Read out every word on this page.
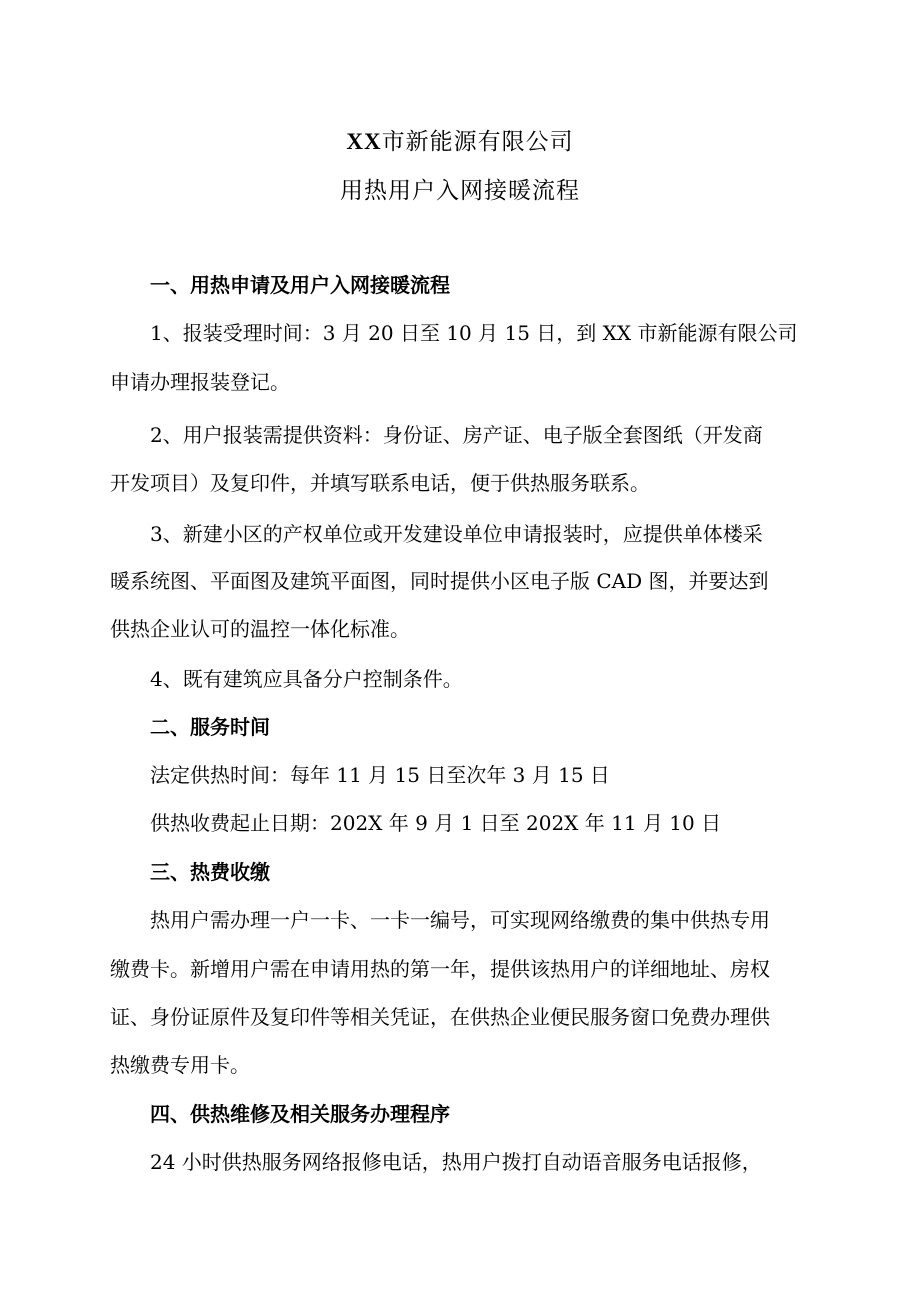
XX市新能源有限公司
用热用户入网接暖流程
一、用热申请及用户入网接暖流程
1、报装受理时间：3 月 20 日至 10 月 15 日，到 XX 市新能源有限公司
申请办理报装登记。
2、用户报装需提供资料：身份证、房产证、电子版全套图纸（开发商
开发项目）及复印件，并填写联系电话，便于供热服务联系。
3、新建小区的产权单位或开发建设单位申请报装时，应提供单体楼采
暖系统图、平面图及建筑平面图，同时提供小区电子版 CAD 图，并要达到
供热企业认可的温控一体化标准。
4、既有建筑应具备分户控制条件。
二、服务时间
法定供热时间：每年 11 月 15 日至次年 3 月 15 日
供热收费起止日期：202X 年 9 月 1 日至 202X 年 11 月 10 日
三、热费收缴
热用户需办理一户一卡、一卡一编号，可实现网络缴费的集中供热专用
缴费卡。新增用户需在申请用热的第一年，提供该热用户的详细地址、房权
证、身份证原件及复印件等相关凭证，在供热企业便民服务窗口免费办理供
热缴费专用卡。
四、供热维修及相关服务办理程序
24 小时供热服务网络报修电话，热用户拨打自动语音服务电话报修，
